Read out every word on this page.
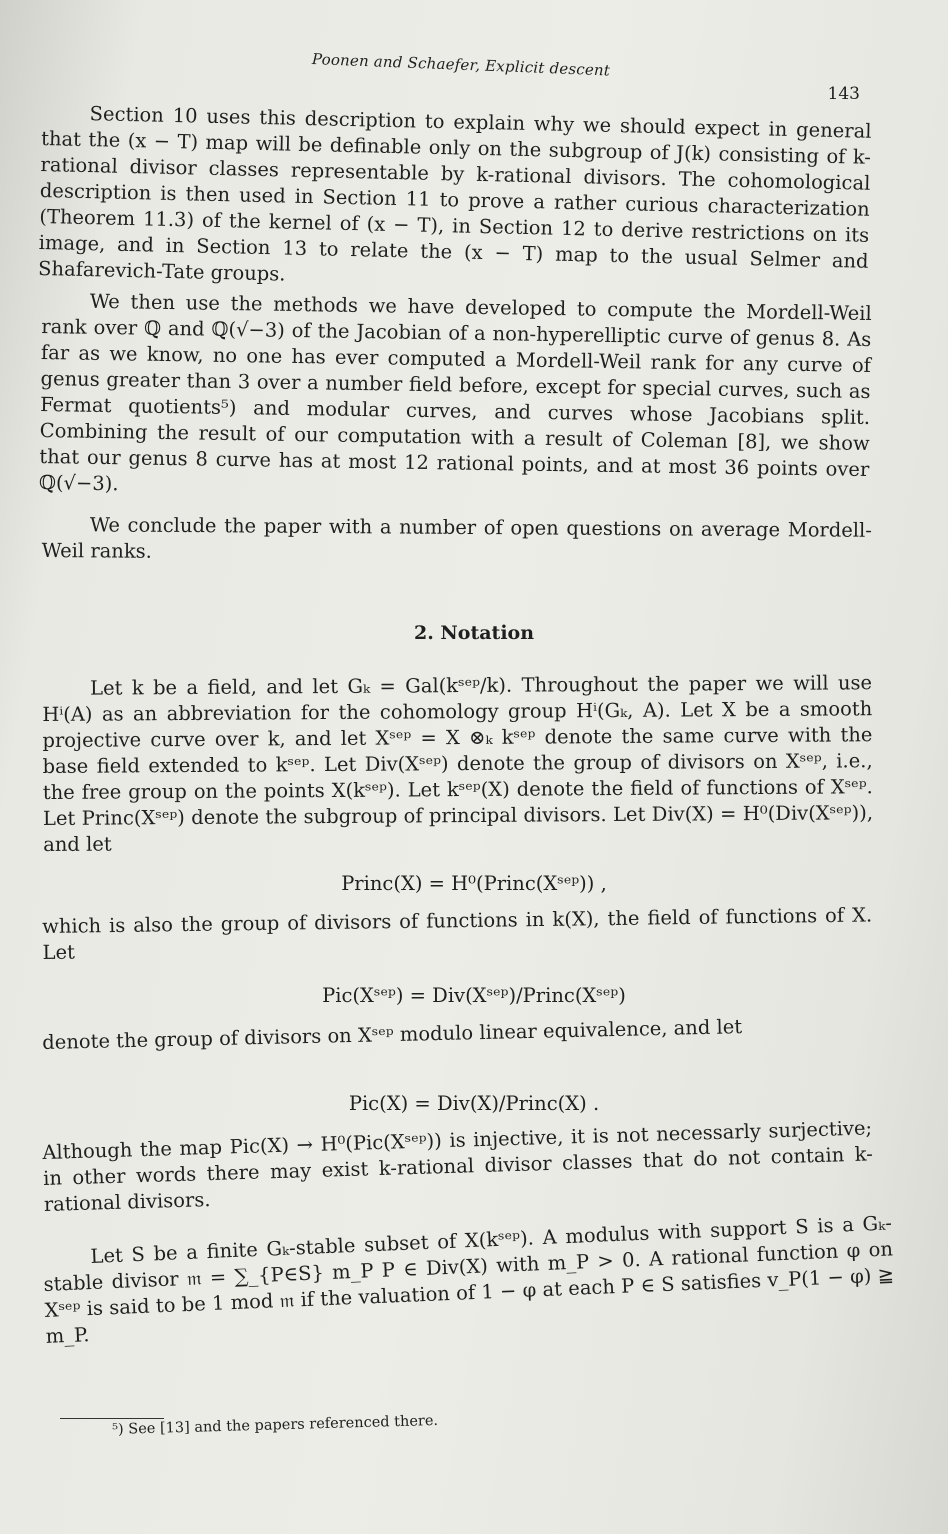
Poonen and Schaefer, Explicit descent
143

Section 10 uses this description to explain why we should expect in general that the (x − T) map will be definable only on the subgroup of J(k) consisting of k-rational divisor classes representable by k-rational divisors. The cohomological description is then used in Section 11 to prove a rather curious characterization (Theorem 11.3) of the kernel of (x − T), in Section 12 to derive restrictions on its image, and in Section 13 to relate the (x − T) map to the usual Selmer and Shafarevich-Tate groups.

We then use the methods we have developed to compute the Mordell-Weil rank over ℚ and ℚ(√−3) of the Jacobian of a non-hyperelliptic curve of genus 8. As far as we know, no one has ever computed a Mordell-Weil rank for any curve of genus greater than 3 over a number field before, except for special curves, such as Fermat quotients⁵) and modular curves, and curves whose Jacobians split. Combining the result of our computation with a result of Coleman [8], we show that our genus 8 curve has at most 12 rational points, and at most 36 points over ℚ(√−3).

We conclude the paper with a number of open questions on average Mordell-Weil ranks.

2. Notation

Let k be a field, and let Gₖ = Gal(kˢᵉᵖ/k). Throughout the paper we will use Hⁱ(A) as an abbreviation for the cohomology group Hⁱ(Gₖ, A). Let X be a smooth projective curve over k, and let Xˢᵉᵖ = X ⊗ₖ kˢᵉᵖ denote the same curve with the base field extended to kˢᵉᵖ. Let Div(Xˢᵉᵖ) denote the group of divisors on Xˢᵉᵖ, i.e., the free group on the points X(kˢᵉᵖ). Let kˢᵉᵖ(X) denote the field of functions of Xˢᵉᵖ. Let Princ(Xˢᵉᵖ) denote the subgroup of principal divisors. Let Div(X) = H⁰(Div(Xˢᵉᵖ)), and let

Princ(X) = H⁰(Princ(Xˢᵉᵖ)) ,

which is also the group of divisors of functions in k(X), the field of functions of X. Let

Pic(Xˢᵉᵖ) = Div(Xˢᵉᵖ)/Princ(Xˢᵉᵖ)

denote the group of divisors on Xˢᵉᵖ modulo linear equivalence, and let

Pic(X) = Div(X)/Princ(X) .

Although the map Pic(X) → H⁰(Pic(Xˢᵉᵖ)) is injective, it is not necessarly surjective; in other words there may exist k-rational divisor classes that do not contain k-rational divisors.

Let S be a finite Gₖ-stable subset of X(kˢᵉᵖ). A modulus with support S is a Gₖ-stable divisor 𝔪 = ∑_{P∈S} m_P P ∈ Div(X) with m_P > 0. A rational function φ on Xˢᵉᵖ is said to be 1 mod 𝔪 if the valuation of 1 − φ at each P ∈ S satisfies v_P(1 − φ) ≧ m_P.

⁵) See [13] and the papers referenced there.
